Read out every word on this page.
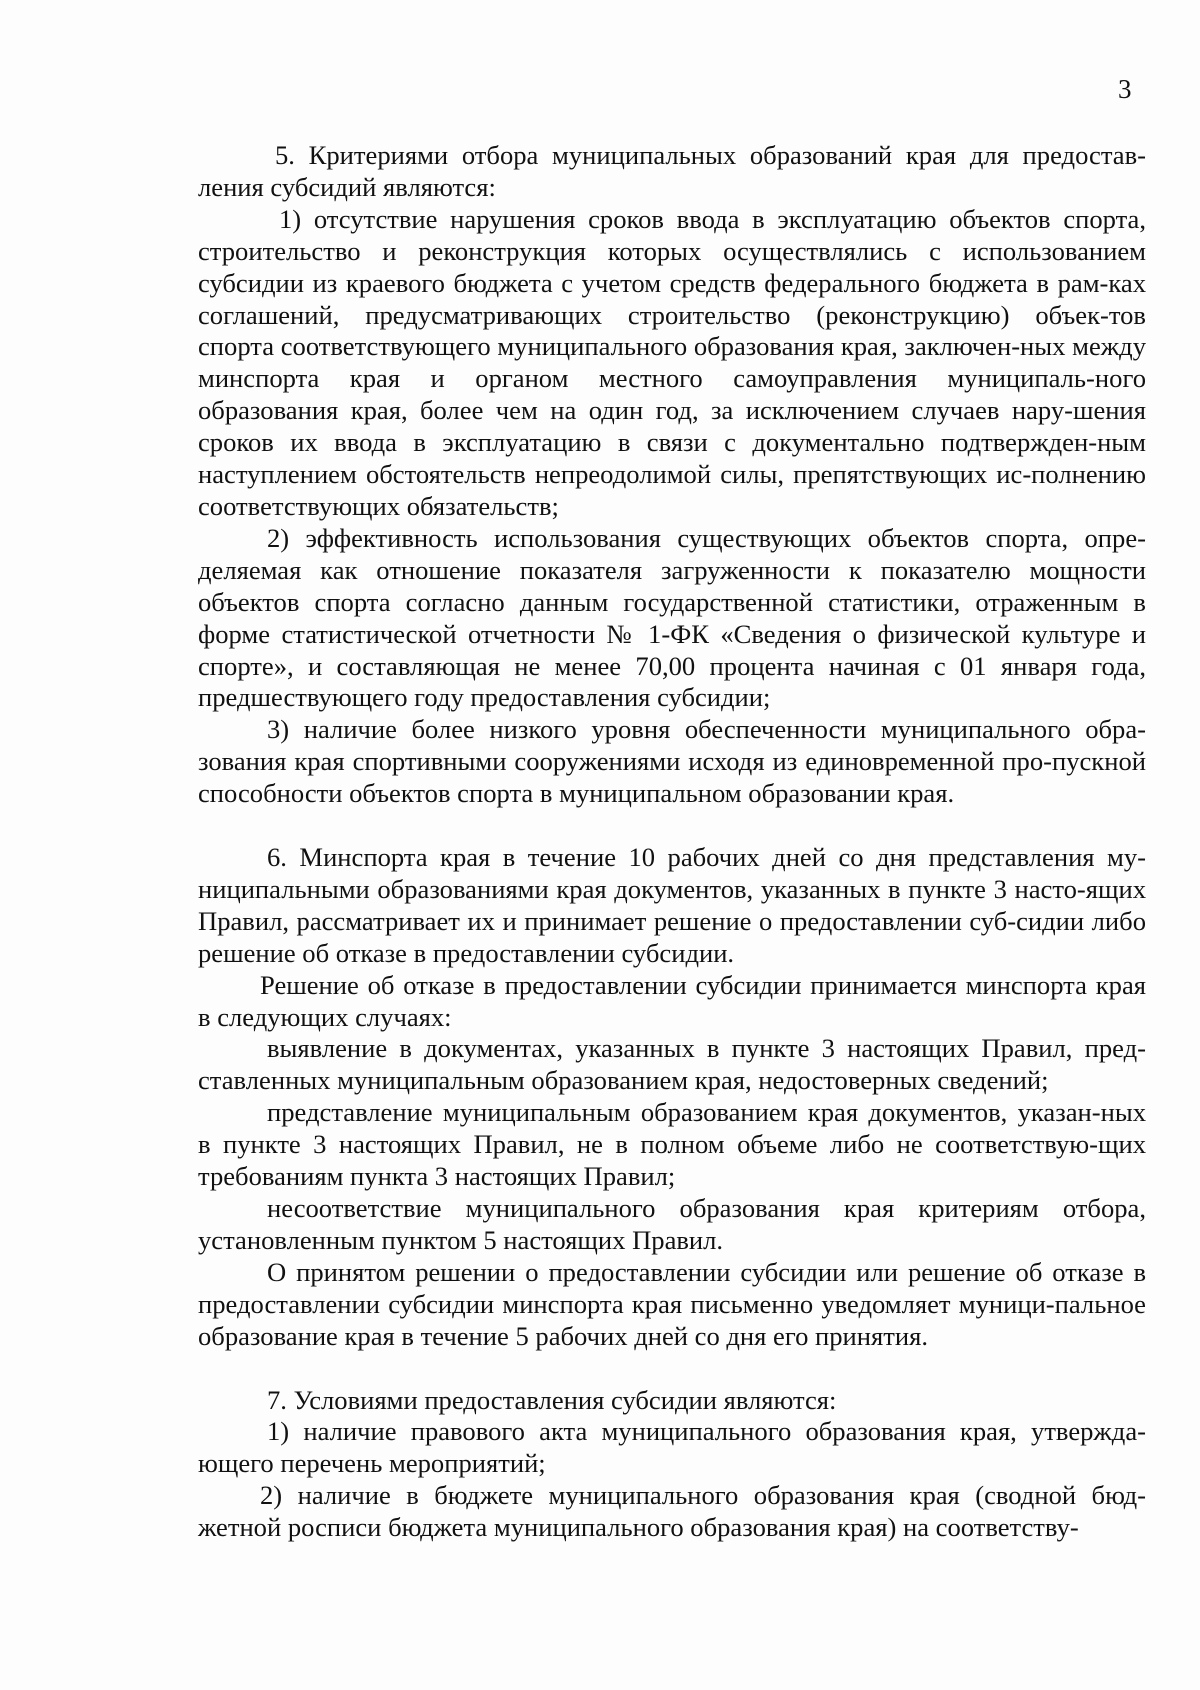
3

5. Критериями отбора муниципальных образований края для предостав-ления субсидий являются:

1) отсутствие нарушения сроков ввода в эксплуатацию объектов спорта, строительство и реконструкция которых осуществлялись с использованием субсидии из краевого бюджета с учетом средств федерального бюджета в рам-ках соглашений, предусматривающих строительство (реконструкцию) объек-тов спорта соответствующего муниципального образования края, заключен-ных между минспорта края и органом местного самоуправления муниципаль-ного образования края, более чем на один год, за исключением случаев нару-шения сроков их ввода в эксплуатацию в связи с документально подтвержден-ным наступлением обстоятельств непреодолимой силы, препятствующих ис-полнению соответствующих обязательств;

2) эффективность использования существующих объектов спорта, опре-деляемая как отношение показателя загруженности к показателю мощности объектов спорта согласно данным государственной статистики, отраженным в форме статистической отчетности № 1-ФК «Сведения о физической культуре и спорте», и составляющая не менее 70,00 процента начиная с 01 января года, предшествующего году предоставления субсидии;

3) наличие более низкого уровня обеспеченности муниципального обра-зования края спортивными сооружениями исходя из единовременной про-пускной способности объектов спорта в муниципальном образовании края.

6. Минспорта края в течение 10 рабочих дней со дня представления му-ниципальными образованиями края документов, указанных в пункте 3 насто-ящих Правил, рассматривает их и принимает решение о предоставлении суб-сидии либо решение об отказе в предоставлении субсидии.

Решение об отказе в предоставлении субсидии принимается минспорта края в следующих случаях:

выявление в документах, указанных в пункте 3 настоящих Правил, пред-ставленных муниципальным образованием края, недостоверных сведений;

представление муниципальным образованием края документов, указан-ных в пункте 3 настоящих Правил, не в полном объеме либо не соответствую-щих требованиям пункта 3 настоящих Правил;

несоответствие муниципального образования края критериям отбора, установленным пунктом 5 настоящих Правил.

О принятом решении о предоставлении субсидии или решение об отказе в предоставлении субсидии минспорта края письменно уведомляет муници-пальное образование края в течение 5 рабочих дней со дня его принятия.

7. Условиями предоставления субсидии являются:

1) наличие правового акта муниципального образования края, утвержда-ющего перечень мероприятий;

2) наличие в бюджете муниципального образования края (сводной бюд-жетной росписи бюджета муниципального образования края) на соответству-
